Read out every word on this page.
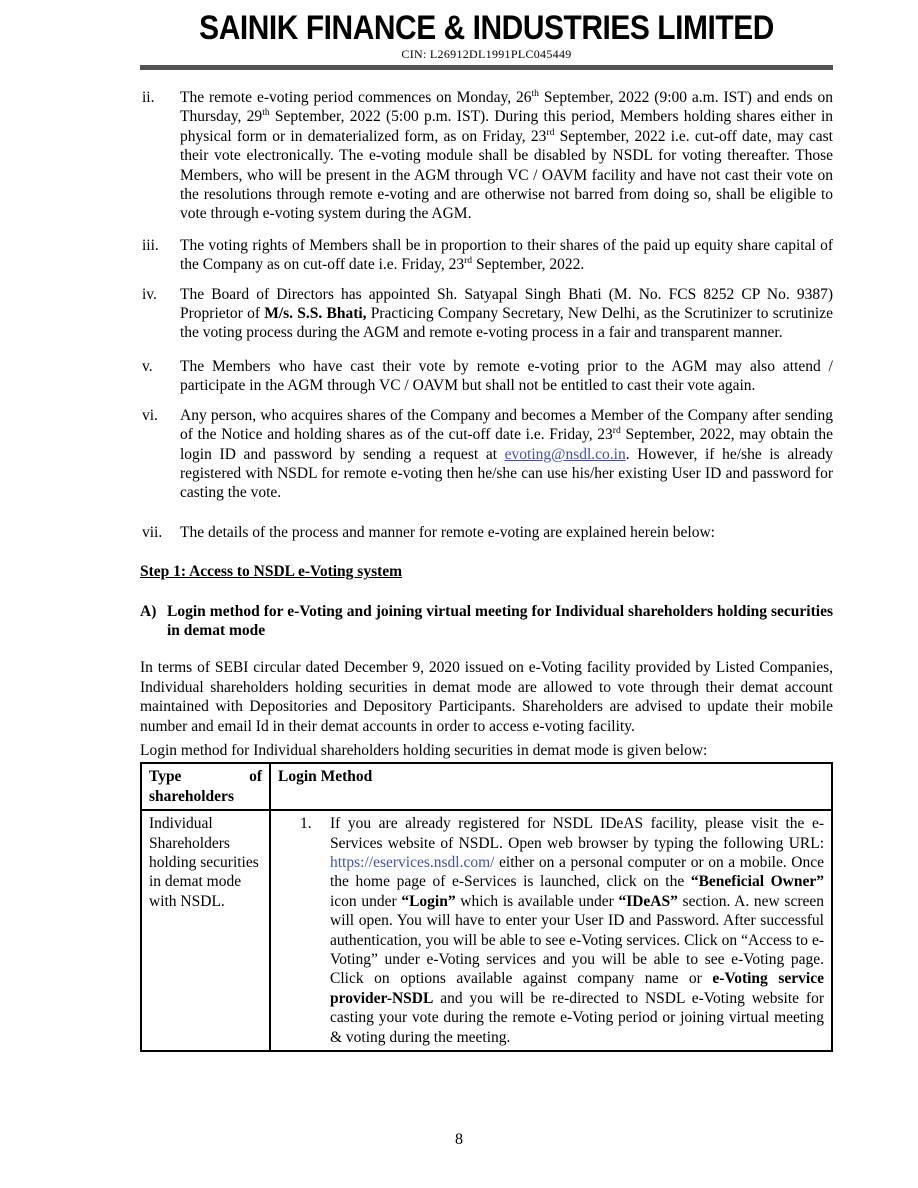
SAINIK FINANCE & INDUSTRIES LIMITED
CIN: L26912DL1991PLC045449
ii.	The remote e-voting period commences on Monday, 26th September, 2022 (9:00 a.m. IST) and ends on Thursday, 29th September, 2022 (5:00 p.m. IST). During this period, Members holding shares either in physical form or in dematerialized form, as on Friday, 23rd September, 2022 i.e. cut-off date, may cast their vote electronically. The e-voting module shall be disabled by NSDL for voting thereafter. Those Members, who will be present in the AGM through VC / OAVM facility and have not cast their vote on the resolutions through remote e-voting and are otherwise not barred from doing so, shall be eligible to vote through e-voting system during the AGM.
iii.	The voting rights of Members shall be in proportion to their shares of the paid up equity share capital of the Company as on cut-off date i.e. Friday, 23rd September, 2022.
iv.	The Board of Directors has appointed Sh. Satyapal Singh Bhati (M. No. FCS 8252 CP No. 9387) Proprietor of M/s. S.S. Bhati, Practicing Company Secretary, New Delhi, as the Scrutinizer to scrutinize the voting process during the AGM and remote e-voting process in a fair and transparent manner.
v.	The Members who have cast their vote by remote e-voting prior to the AGM may also attend / participate in the AGM through VC / OAVM but shall not be entitled to cast their vote again.
vi.	Any person, who acquires shares of the Company and becomes a Member of the Company after sending of the Notice and holding shares as of the cut-off date i.e. Friday, 23rd September, 2022, may obtain the login ID and password by sending a request at evoting@nsdl.co.in. However, if he/she is already registered with NSDL for remote e-voting then he/she can use his/her existing User ID and password for casting the vote.
vii.	The details of the process and manner for remote e-voting are explained herein below:
Step 1: Access to NSDL e-Voting system
A) Login method for e-Voting and joining virtual meeting for Individual shareholders holding securities in demat mode

In terms of SEBI circular dated December 9, 2020 issued on e-Voting facility provided by Listed Companies, Individual shareholders holding securities in demat mode are allowed to vote through their demat account maintained with Depositories and Depository Participants. Shareholders are advised to update their mobile number and email Id in their demat accounts in order to access e-voting facility.

Login method for Individual shareholders holding securities in demat mode is given below:

Type of shareholders	Login Method
Individual Shareholders holding securities in demat mode with NSDL.	1. If you are already registered for NSDL IDeAS facility, please visit the e-Services website of NSDL. Open web browser by typing the following URL: https://eservices.nsdl.com/ either on a personal computer or on a mobile. Once the home page of e-Services is launched, click on the “Beneficial Owner” icon under “Login” which is available under “IDeAS” section. A. new screen will open. You will have to enter your User ID and Password. After successful authentication, you will be able to see e-Voting services. Click on “Access to e-Voting” under e-Voting services and you will be able to see e-Voting page. Click on options available against company name or e-Voting service provider-NSDL and you will be re-directed to NSDL e-Voting website for casting your vote during the remote e-Voting period or joining virtual meeting & voting during the meeting.
8
